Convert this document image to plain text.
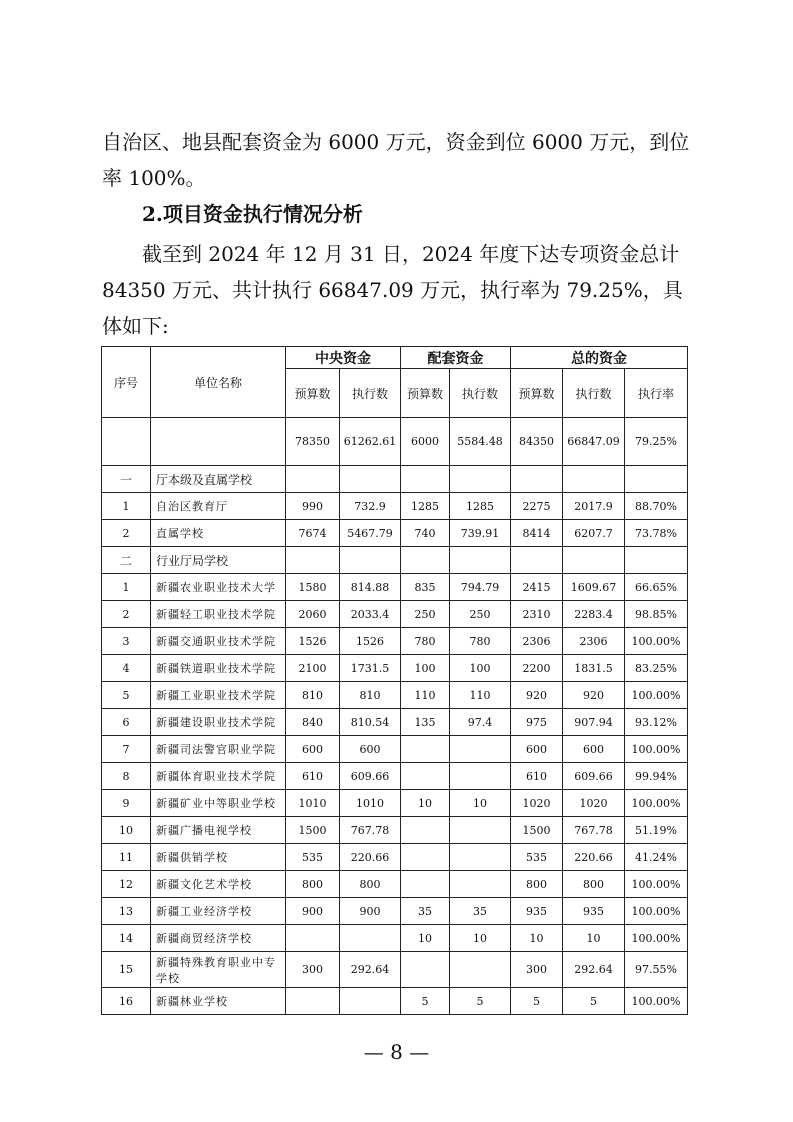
自治区、地县配套资金为 6000 万元，资金到位 6000 万元，到位率 100%。

2.项目资金执行情况分析

截至到 2024 年 12 月 31 日，2024 年度下达专项资金总计 84350 万元、共计执行 66847.09 万元，执行率为 79.25%，具体如下:

序号	单位名称	中央资金		配套资金		总的资金		
		预算数	执行数	预算数	执行数	预算数	执行数	执行率
		78350	61262.61	6000	5584.48	84350	66847.09	79.25%
一	厅本级及直属学校							
1	自治区教育厅	990	732.9	1285	1285	2275	2017.9	88.70%
2	直属学校	7674	5467.79	740	739.91	8414	6207.7	73.78%
二	行业厅局学校							
1	新疆农业职业技术大学	1580	814.88	835	794.79	2415	1609.67	66.65%
2	新疆轻工职业技术学院	2060	2033.4	250	250	2310	2283.4	98.85%
3	新疆交通职业技术学院	1526	1526	780	780	2306	2306	100.00%
4	新疆铁道职业技术学院	2100	1731.5	100	100	2200	1831.5	83.25%
5	新疆工业职业技术学院	810	810	110	110	920	920	100.00%
6	新疆建设职业技术学院	840	810.54	135	97.4	975	907.94	93.12%
7	新疆司法警官职业学院	600	600			600	600	100.00%
8	新疆体育职业技术学院	610	609.66			610	609.66	99.94%
9	新疆矿业中等职业学校	1010	1010	10	10	1020	1020	100.00%
10	新疆广播电视学校	1500	767.78			1500	767.78	51.19%
11	新疆供销学校	535	220.66			535	220.66	41.24%
12	新疆文化艺术学校	800	800			800	800	100.00%
13	新疆工业经济学校	900	900	35	35	935	935	100.00%
14	新疆商贸经济学校			10	10	10	10	100.00%
15	新疆特殊教育职业中专学校	300	292.64			300	292.64	97.55%
16	新疆林业学校			5	5	5	5	100.00%
— 8 —
